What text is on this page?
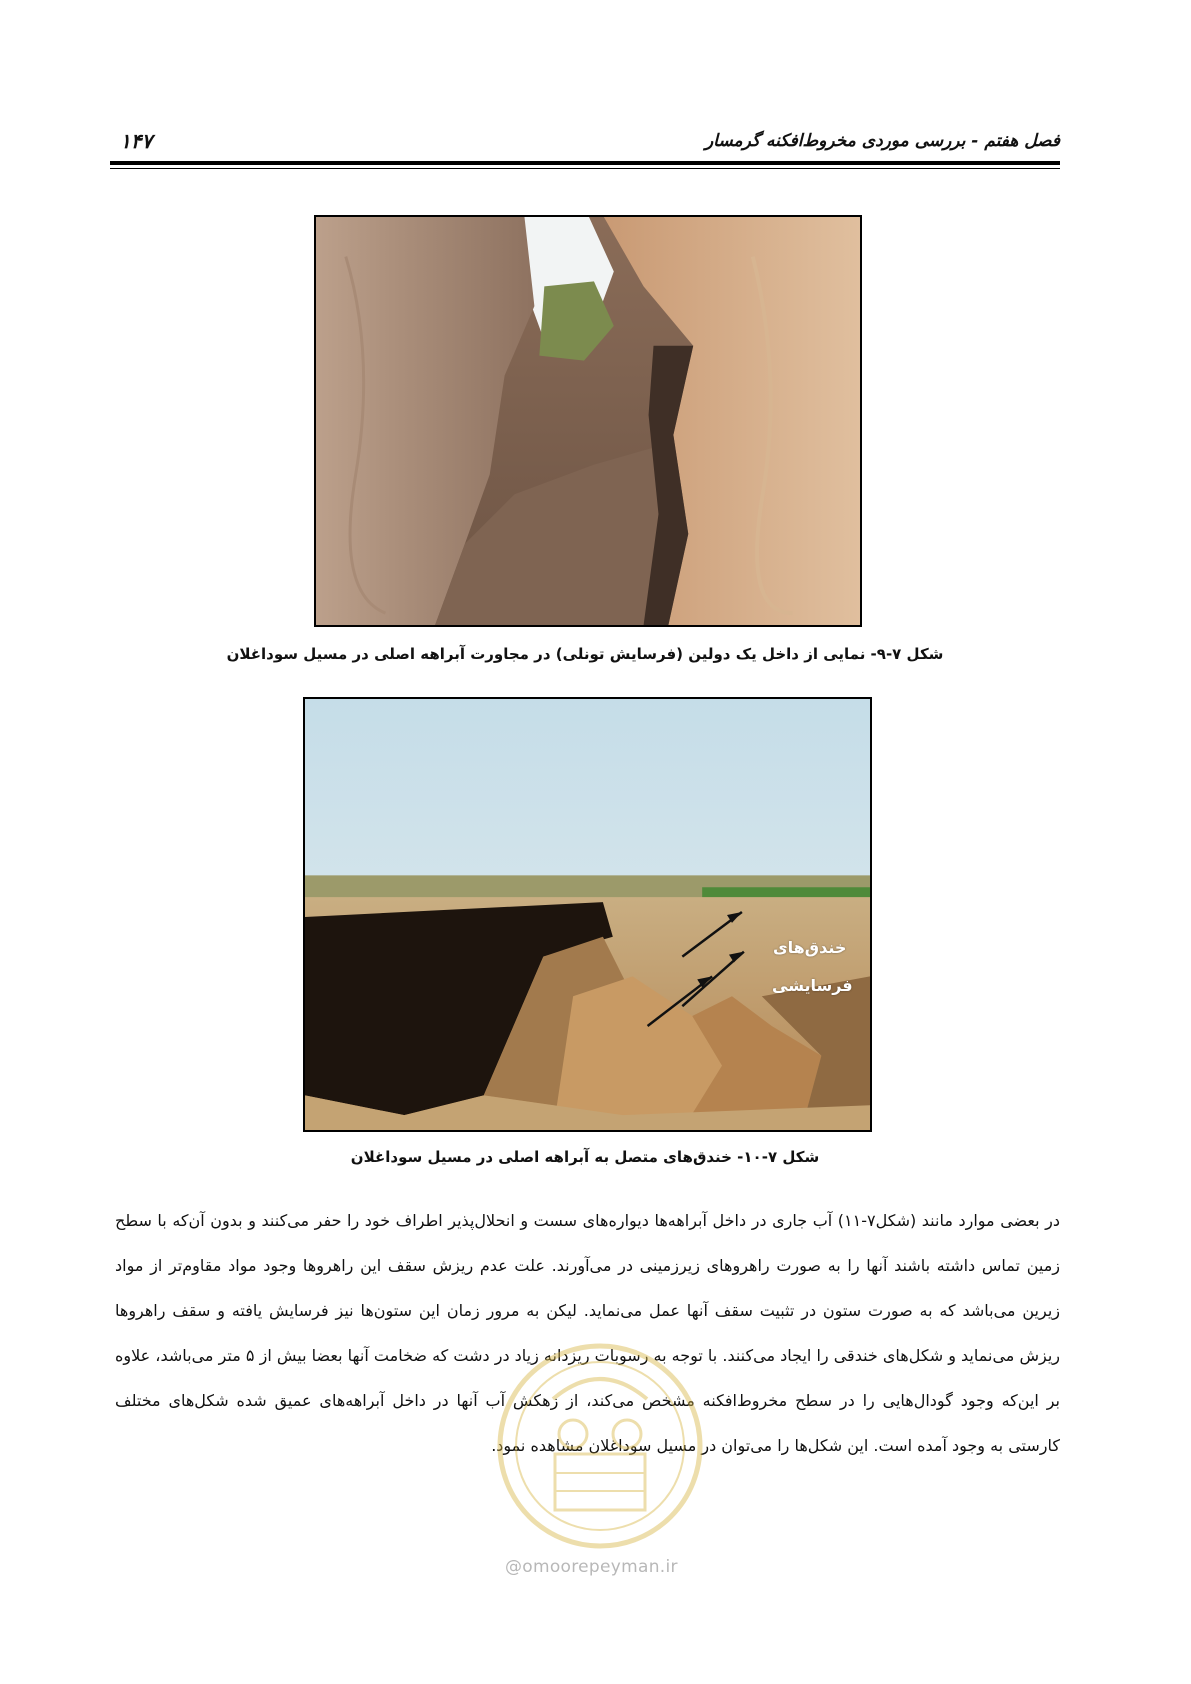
فصل هفتم - بررسی موردی مخروط‌افکنه گرمسار
۱۴۷
شکل ۷-۹- نمایی از داخل یک دولین (فرسایش تونلی) در مجاورت آبراهه اصلی در مسیل سوداغلان
خندق‌های
فرسایشی
شکل ۷-۱۰- خندق‌های متصل به آبراهه اصلی در مسیل سوداغلان

در بعضی موارد مانند (شکل۷-۱۱) آب جاری در داخل آبراهه‌ها دیواره‌های سست و انحلال‌پذیر اطراف خود را حفر می‌کنند و بدون آن‌که با سطح زمین تماس داشته باشند آنها را به صورت راهروهای زیرزمینی در می‌آورند. علت عدم ریزش سقف این راهروها وجود مواد مقاوم‌تر از مواد زیرین می‌باشد که به صورت ستون در تثبیت سقف آنها عمل می‌نماید. لیکن به مرور زمان این ستون‌ها نیز فرسایش یافته و سقف راهروها ریزش می‌نماید و شکل‌های خندقی را ایجاد می‌کنند. با توجه به رسوبات ریزدانه زیاد در دشت که ضخامت آنها بعضا بیش از ۵ متر می‌باشد، علاوه بر این‌که وجود گودال‌هایی را در سطح مخروط‌افکنه مشخص می‌کند، از زهکش آب آنها در داخل آبراهه‌های عمیق شده شکل‌های مختلف کارستی به وجود آمده است. این شکل‌ها را می‌توان در مسیل سوداغلان مشاهده نمود.

@omoorepeyman.ir
